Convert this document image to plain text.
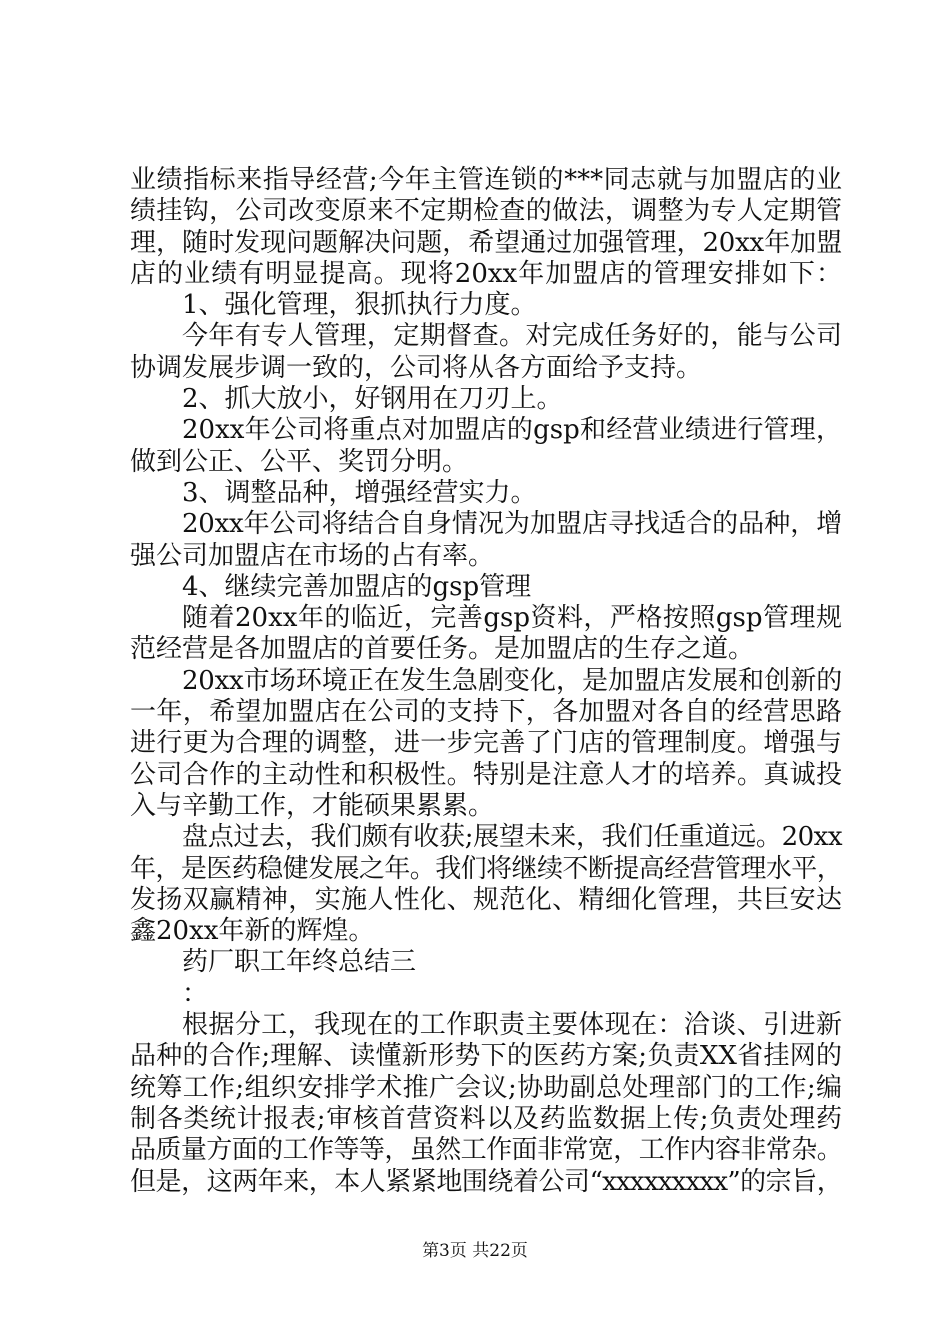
业绩指标来指导经营;今年主管连锁的***同志就与加盟店的业
绩挂钩，公司改变原来不定期检查的做法，调整为专人定期管
理，随时发现问题解决问题，希望通过加强管理，20xx年加盟
店的业绩有明显提高。现将20xx年加盟店的管理安排如下：
1、强化管理，狠抓执行力度。
今年有专人管理，定期督查。对完成任务好的，能与公司
协调发展步调一致的，公司将从各方面给予支持。
2、抓大放小，好钢用在刀刃上。
20xx年公司将重点对加盟店的gsp和经营业绩进行管理，
做到公正、公平、奖罚分明。
3、调整品种，增强经营实力。
20xx年公司将结合自身情况为加盟店寻找适合的品种，增
强公司加盟店在市场的占有率。
4、继续完善加盟店的gsp管理
随着20xx年的临近，完善gsp资料，严格按照gsp管理规
范经营是各加盟店的首要任务。是加盟店的生存之道。
20xx市场环境正在发生急剧变化，是加盟店发展和创新的
一年，希望加盟店在公司的支持下，各加盟对各自的经营思路
进行更为合理的调整，进一步完善了门店的管理制度。增强与
公司合作的主动性和积极性。特别是注意人才的培养。真诚投
入与辛勤工作，才能硕果累累。
盘点过去，我们颇有收获;展望未来，我们任重道远。20xx
年，是医药稳健发展之年。我们将继续不断提高经营管理水平，
发扬双赢精神，实施人性化、规范化、精细化管理，共巨安达
鑫20xx年新的辉煌。
药厂职工年终总结三
：
根据分工，我现在的工作职责主要体现在：洽谈、引进新
品种的合作;理解、读懂新形势下的医药方案;负责XX省挂网的
统筹工作;组织安排学术推广会议;协助副总处理部门的工作;编
制各类统计报表;审核首营资料以及药监数据上传;负责处理药
品质量方面的工作等等，虽然工作面非常宽，工作内容非常杂。
但是，这两年来，本人紧紧地围绕着公司“xxxxxxxxx”的宗旨，
第3页 共22页
